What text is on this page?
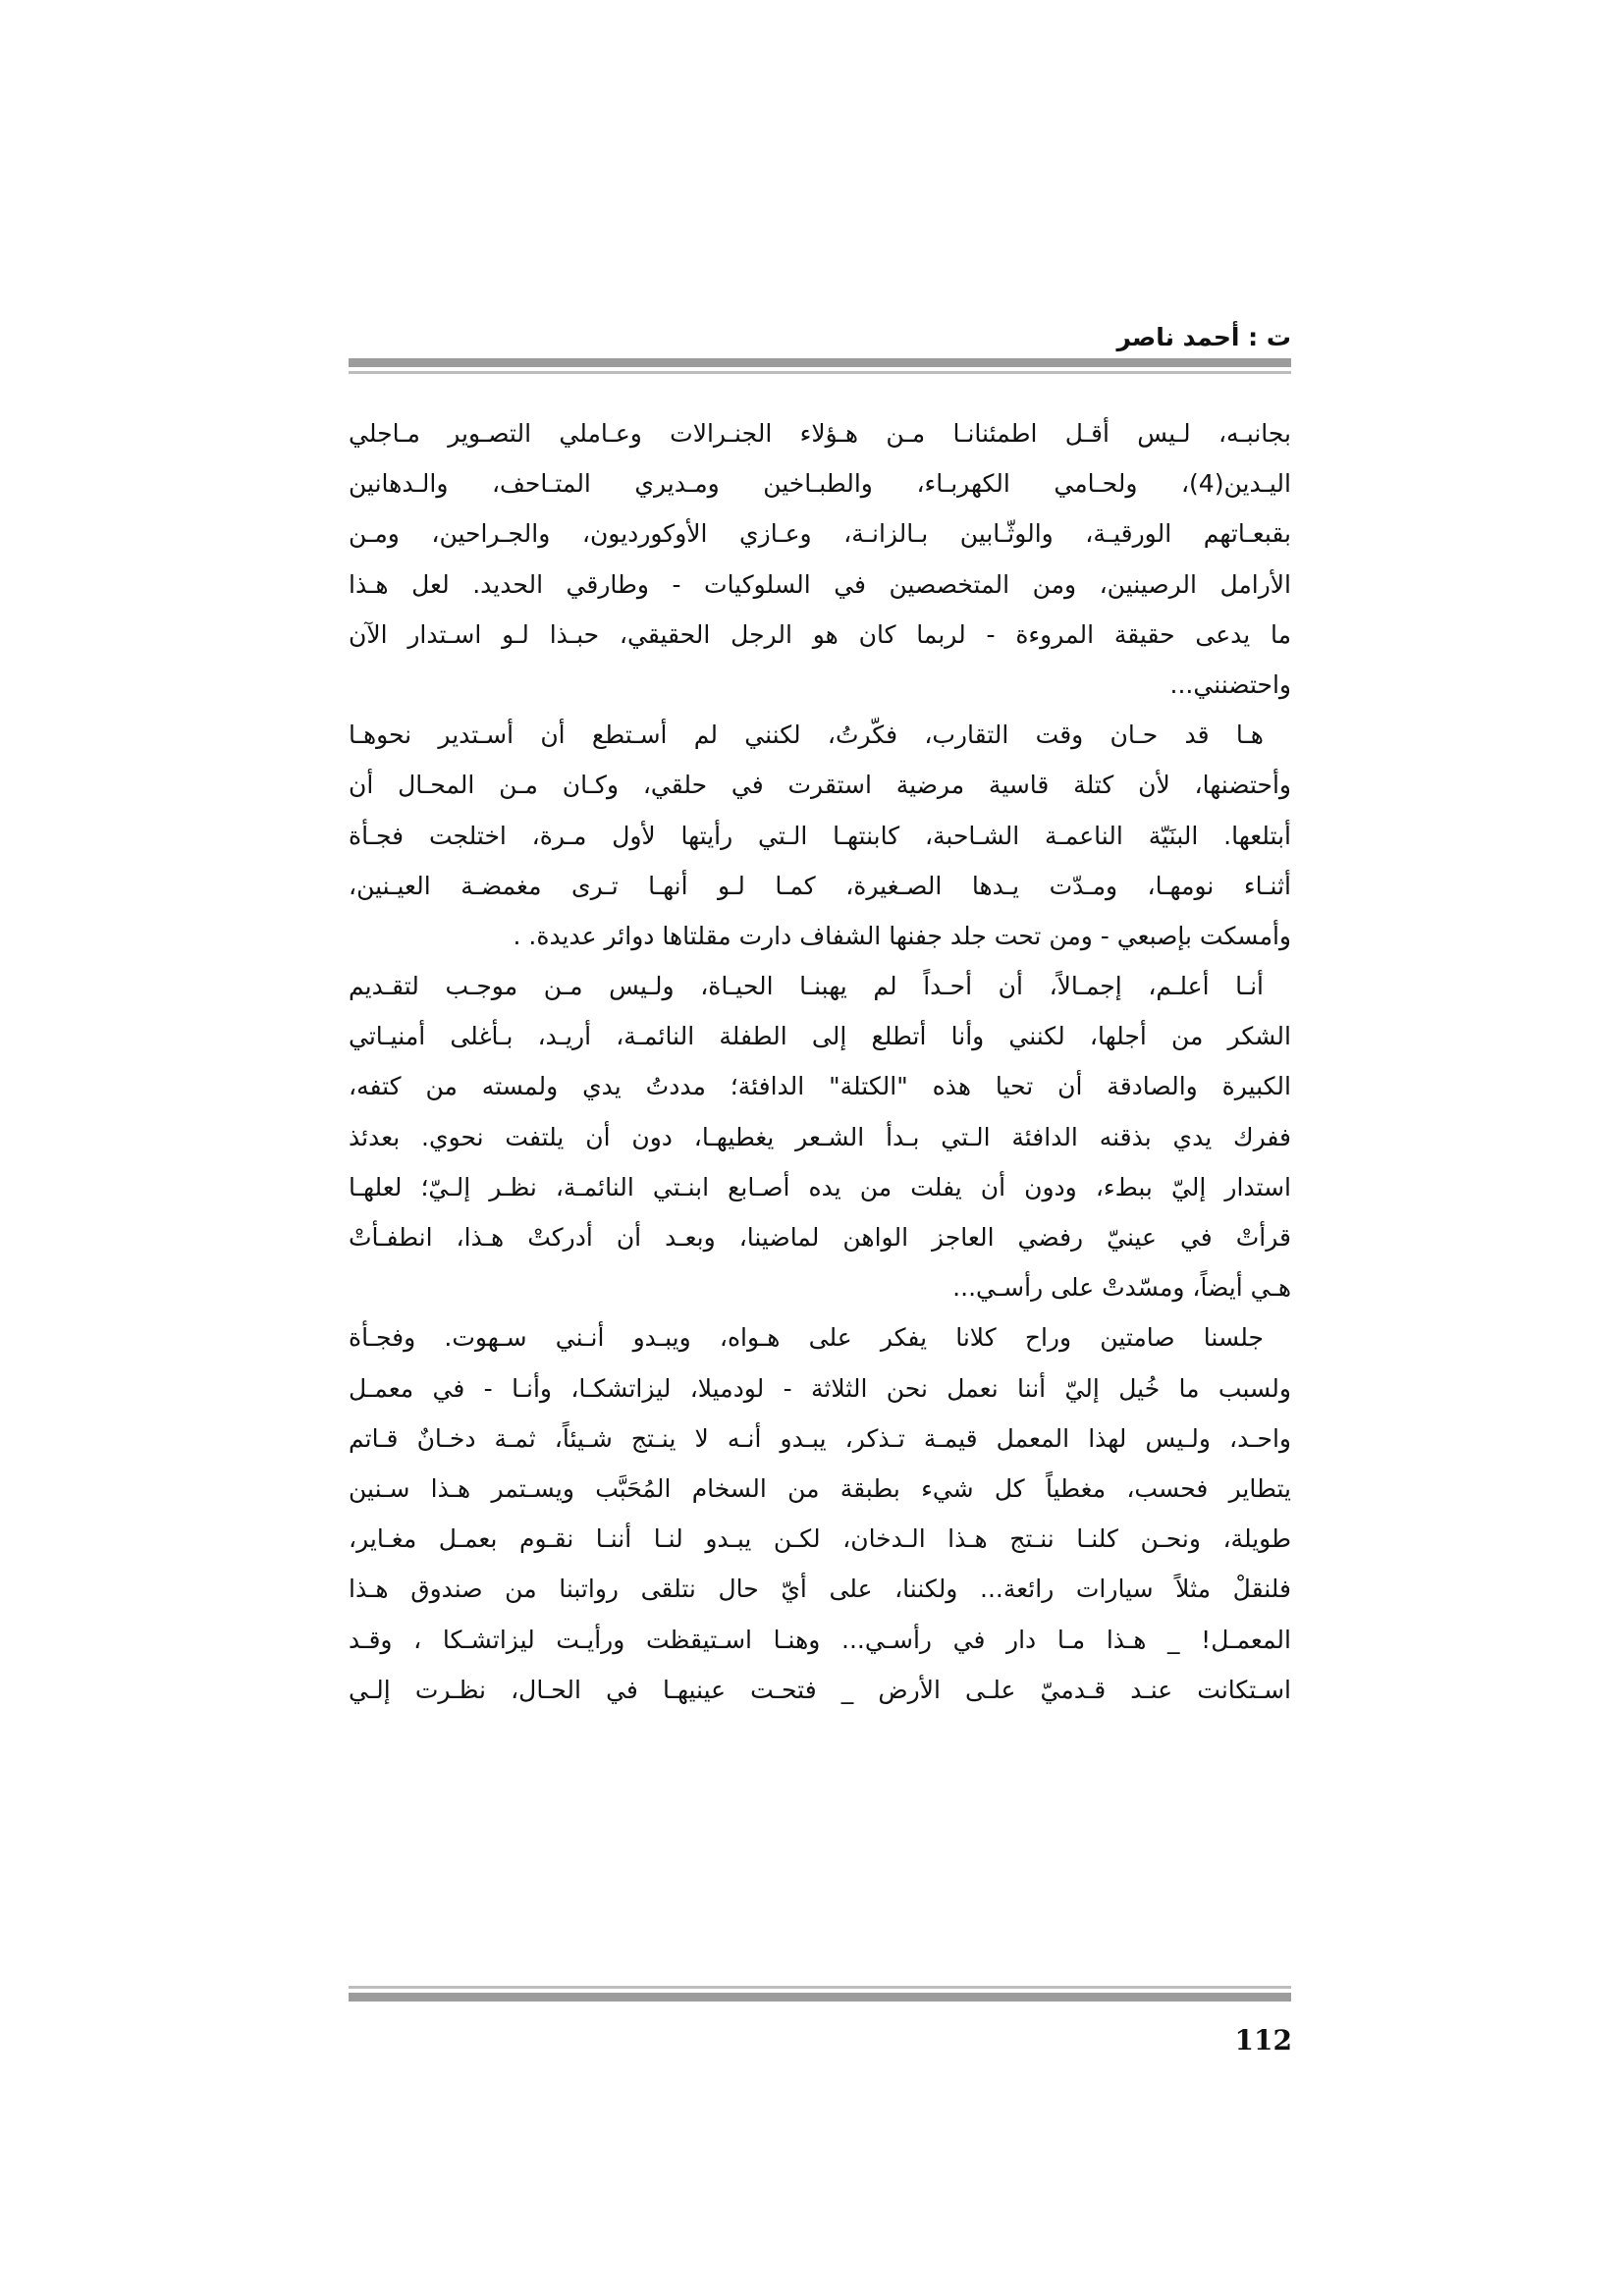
ت : أحمد ناصر
بجانبـه، لـيس أقـل اطمئنانـا مـن هـؤلاء الجنـرالات وعـاملي التصـوير مـاجلي
اليـدين(4)، ولحـامي الكهربـاء، والطبـاخين ومـديري المتـاحف، والـدهانين
بقبعـاتهم الورقيـة، والوثّـابين بـالزانـة، وعـازي الأوكورديون، والجـراحين، ومـن
الأرامل الرصينين، ومن المتخصصين في السلوكيات - وطارقي الحديد. لعل هـذا
ما يدعى حقيقة المروءة - لربما كان هو الرجل الحقيقي، حبـذا لـو اسـتدار الآن
واحتضنني...
هـا قد حـان وقت التقارب، فكّرتُ، لكنني لم أسـتطع أن أسـتدير نحوهـا
وأحتضنها، لأن كتلة قاسية مرضية استقرت في حلقي، وكـان مـن المحـال أن
أبتلعها. البنَيّة الناعمـة الشـاحبة، كابنتهـا الـتي رأيتها لأول مـرة، اختلجت فجـأة
أثنـاء نومهـا، ومـدّت يـدها الصـغيرة، كمـا لـو أنهـا تـرى مغمضـة العيـنين،
وأمسكت بإصبعي - ومن تحت جلد جفنها الشفاف دارت مقلتاها دوائر عديدة. .
أنـا أعلـم، إجمـالاً، أن أحـداً لم يهبنـا الحيـاة، ولـيس مـن موجـب لتقـديم
الشكر من أجلها، لكنني وأنا أتطلع إلى الطفلة النائمـة، أريـد، بـأغلى أمنيـاتي
الكبيرة والصادقة أن تحيا هذه "الكتلة" الدافئة؛ مددتُ يدي ولمسته من كتفه،
ففرك يدي بذقنه الدافئة الـتي بـدأ الشـعر يغطيهـا، دون أن يلتفت نحوي. بعدئذ
استدار إليّ ببطء، ودون أن يفلت من يده أصـابع ابنـتي النائمـة، نظـر إلـيّ؛ لعلهـا
قرأتْ في عينيّ رفضي العاجز الواهن لماضينا، وبعـد أن أدركتْ هـذا، انطفـأتْ
هـي أيضاً، ومسّدتْ على رأسـي...
جلسنا صامتين وراح كلانا يفكر على هـواه، ويبـدو أنـني سـهوت. وفجـأة
ولسبب ما خُيل إليّ أننا نعمل نحن الثلاثة - لودميلا، ليزاتشكـا، وأنـا - في معمـل
واحـد، ولـيس لهذا المعمل قيمـة تـذكر، يبـدو أنـه لا ينـتج شـيئاً، ثمـة دخـانٌ قـاتم
يتطاير فحسب، مغطياً كل شيء بطبقة من السخام المُحَبَّب ويسـتمر هـذا سـنين
طويلة، ونحـن كلنـا ننـتج هـذا الـدخان، لكـن يبـدو لنـا أننـا نقـوم بعمـل مغـاير،
فلنقلْ مثلاً سيارات رائعة... ولكننا، على أيّ حال نتلقى رواتبنا من صندوق هـذا
المعمـل! _ هـذا مـا دار في رأسـي... وهنـا اسـتيقظت ورأيـت ليزاتشـكا ، وقـد
اسـتكانت عنـد قـدميّ علـى الأرض _ فتحـت عينيهـا في الحـال، نظـرت إلـي
112
